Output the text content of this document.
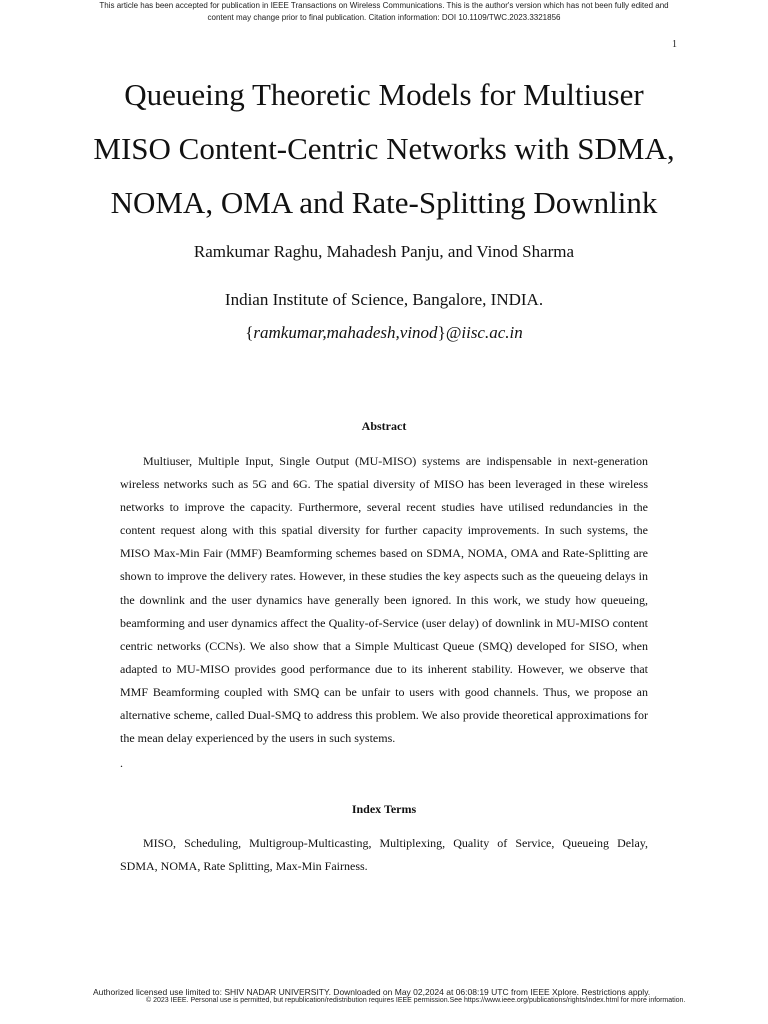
This article has been accepted for publication in IEEE Transactions on Wireless Communications. This is the author's version which has not been fully edited and
content may change prior to final publication. Citation information: DOI 10.1109/TWC.2023.3321856
1
Queueing Theoretic Models for Multiuser
MISO Content-Centric Networks with SDMA,
NOMA, OMA and Rate-Splitting Downlink
Ramkumar Raghu, Mahadesh Panju, and Vinod Sharma
Indian Institute of Science, Bangalore, INDIA.
{ramkumar,mahadesh,vinod}@iisc.ac.in
Abstract

Multiuser, Multiple Input, Single Output (MU-MISO) systems are indispensable in next-generation wireless networks such as 5G and 6G. The spatial diversity of MISO has been leveraged in these wireless networks to improve the capacity. Furthermore, several recent studies have utilised redundancies in the content request along with this spatial diversity for further capacity improvements. In such systems, the MISO Max-Min Fair (MMF) Beamforming schemes based on SDMA, NOMA, OMA and Rate-Splitting are shown to improve the delivery rates. However, in these studies the key aspects such as the queueing delays in the downlink and the user dynamics have generally been ignored. In this work, we study how queueing, beamforming and user dynamics affect the Quality-of-Service (user delay) of downlink in MU-MISO content centric networks (CCNs). We also show that a Simple Multicast Queue (SMQ) developed for SISO, when adapted to MU-MISO provides good performance due to its inherent stability. However, we observe that MMF Beamforming coupled with SMQ can be unfair to users with good channels. Thus, we propose an alternative scheme, called Dual-SMQ to address this problem. We also provide theoretical approximations for the mean delay experienced by the users in such systems.

.
Index Terms

MISO, Scheduling, Multigroup-Multicasting, Multiplexing, Quality of Service, Queueing Delay, SDMA, NOMA, Rate Splitting, Max-Min Fairness.

Authorized licensed use limited to: SHIV NADAR UNIVERSITY. Downloaded on May 02,2024 at 06:08:19 UTC from IEEE Xplore. Restrictions apply.
© 2023 IEEE. Personal use is permitted, but republication/redistribution requires IEEE permission.See https://www.ieee.org/publications/rights/index.html for more information.
